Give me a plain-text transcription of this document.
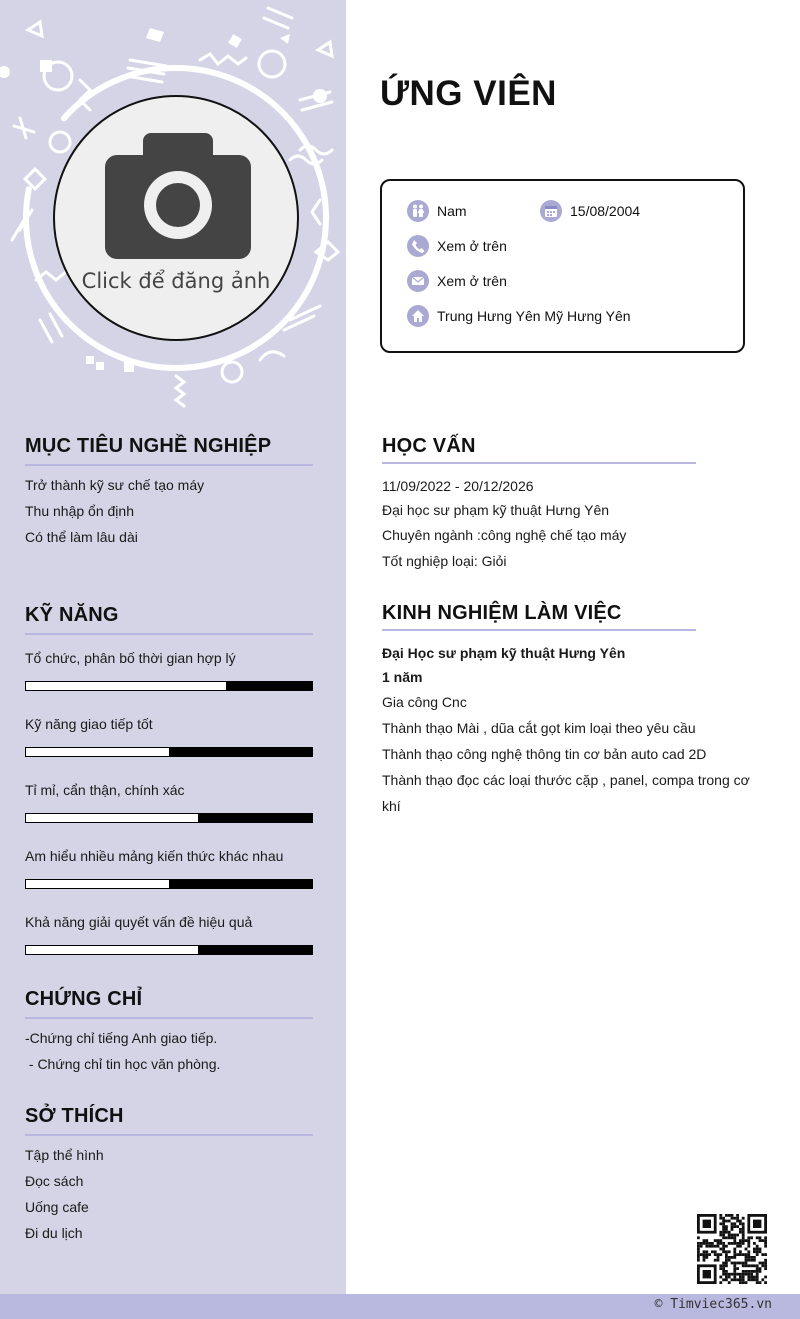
Click để đăng ảnh
MỤC TIÊU NGHỀ NGHIỆP
Trở thành kỹ sư chế tạo máy
Thu nhập ổn định
Có thể làm lâu dài
KỸ NĂNG
Tổ chức, phân bố thời gian hợp lý
Kỹ năng giao tiếp tốt
Tỉ mỉ, cẩn thận, chính xác
Am hiểu nhiều mảng kiến thức khác nhau
Khả năng giải quyết vấn đề hiệu quả
CHỨNG CHỈ
-Chứng chỉ tiếng Anh giao tiếp.
- Chứng chỉ tin học văn phòng.
SỞ THÍCH
Tập thể hình
Đọc sách
Uống cafe
Đi du lịch
ỨNG VIÊN
Nam	15/08/2004
Xem ở trên
Xem ở trên
Trung Hưng Yên Mỹ Hưng Yên
HỌC VẤN
11/09/2022 - 20/12/2026
Đại học sư phạm kỹ thuật Hưng Yên
Chuyên ngành :công nghệ chế tạo máy
Tốt nghiệp loại: Giỏi
KINH NGHIỆM LÀM VIỆC
Đại Học sư phạm kỹ thuật Hưng Yên
1 năm
Gia công Cnc
Thành thạo Mài , dũa cắt gọt kim loại theo yêu cầu
Thành thạo công nghệ thông tin cơ bản auto cad 2D
Thành thạo đọc các loại thước cặp , panel, compa trong cơ
khí
© Timviec365.vn
